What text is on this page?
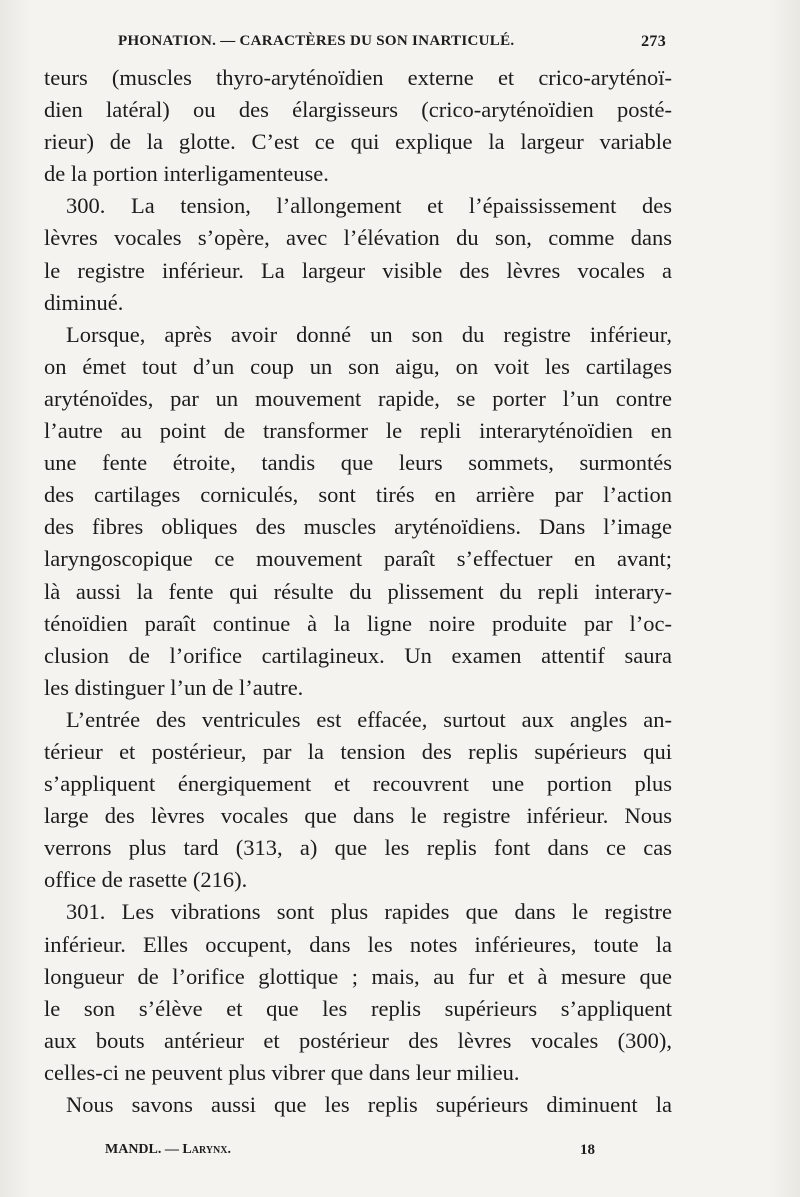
PHONATION. — CARACTÈRES DU SON INARTICULÉ.	273
teurs (muscles thyro-aryténoïdien externe et crico-aryténoï-
dien latéral) ou des élargisseurs (crico-aryténoïdien posté-
rieur) de la glotte. C’est ce qui explique la largeur variable
de la portion interligamenteuse.
300. La tension, l’allongement et l’épaississement des
lèvres vocales s’opère, avec l’élévation du son, comme dans
le registre inférieur. La largeur visible des lèvres vocales a
diminué.
Lorsque, après avoir donné un son du registre inférieur,
on émet tout d’un coup un son aigu, on voit les cartilages
aryténoïdes, par un mouvement rapide, se porter l’un contre
l’autre au point de transformer le repli interaryténoïdien en
une fente étroite, tandis que leurs sommets, surmontés
des cartilages corniculés, sont tirés en arrière par l’action
des fibres obliques des muscles aryténoïdiens. Dans l’image
laryngoscopique ce mouvement paraît s’effectuer en avant;
là aussi la fente qui résulte du plissement du repli interary-
ténoïdien paraît continue à la ligne noire produite par l’oc-
clusion de l’orifice cartilagineux. Un examen attentif saura
les distinguer l’un de l’autre.
L’entrée des ventricules est effacée, surtout aux angles an-
térieur et postérieur, par la tension des replis supérieurs qui
s’appliquent énergiquement et recouvrent une portion plus
large des lèvres vocales que dans le registre inférieur. Nous
verrons plus tard (313, a) que les replis font dans ce cas
office de rasette (216).
301. Les vibrations sont plus rapides que dans le registre
inférieur. Elles occupent, dans les notes inférieures, toute la
longueur de l’orifice glottique ; mais, au fur et à mesure que
le son s’élève et que les replis supérieurs s’appliquent
aux bouts antérieur et postérieur des lèvres vocales (300),
celles-ci ne peuvent plus vibrer que dans leur milieu.
Nous savons aussi que les replis supérieurs diminuent la
MANDL. — Larynx.	18
